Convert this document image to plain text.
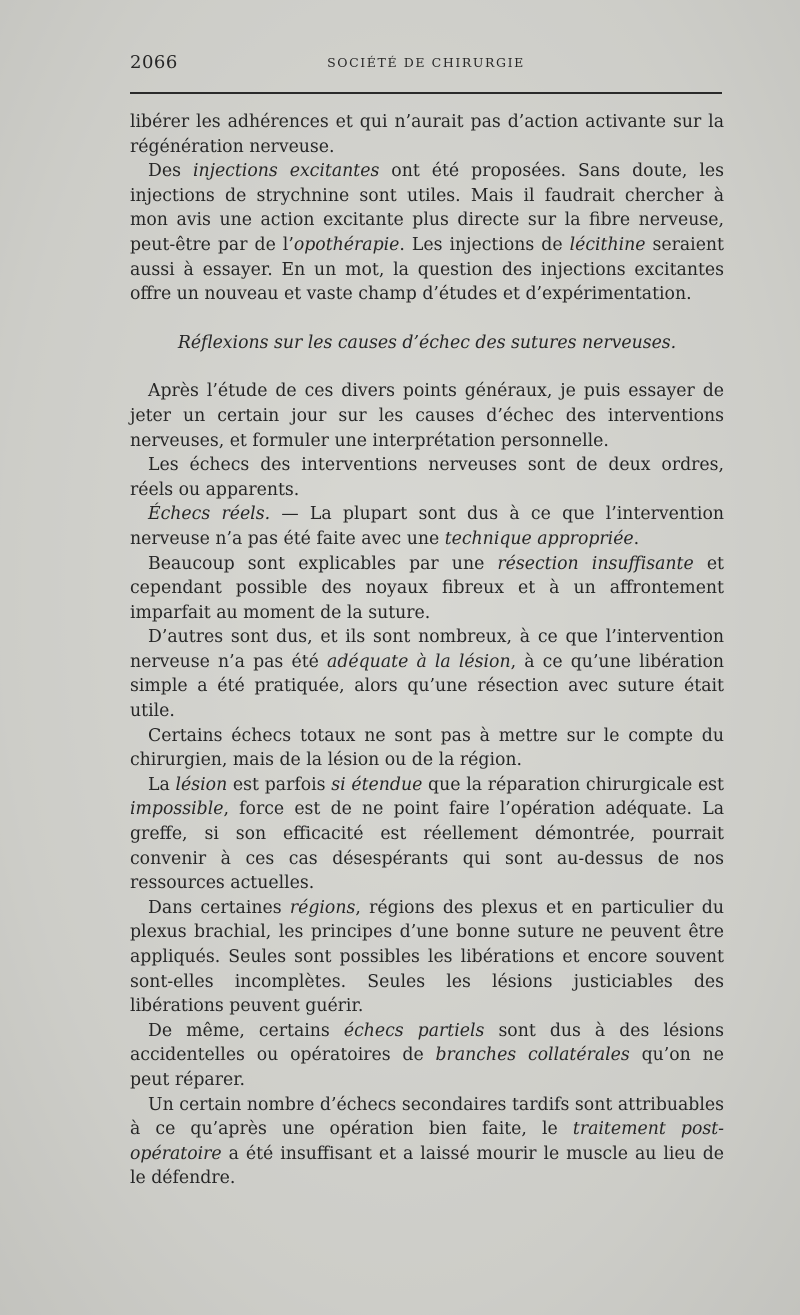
2066	SOCIÉTÉ DE CHIRURGIE

libérer les adhérences et qui n’aurait pas d’action activante sur la régénération nerveuse.

Des injections excitantes ont été proposées. Sans doute, les injections de strychnine sont utiles. Mais il faudrait chercher à mon avis une action excitante plus directe sur la fibre nerveuse, peut-être par de l’opothérapie. Les injections de lécithine seraient aussi à essayer. En un mot, la question des injections excitantes offre un nouveau et vaste champ d’études et d’expérimentation.

Réflexions sur les causes d’échec des sutures nerveuses.

Après l’étude de ces divers points généraux, je puis essayer de jeter un certain jour sur les causes d’échec des interventions nerveuses, et formuler une interprétation personnelle.

Les échecs des interventions nerveuses sont de deux ordres, réels ou apparents.

Échecs réels. — La plupart sont dus à ce que l’intervention nerveuse n’a pas été faite avec une technique appropriée.

Beaucoup sont explicables par une résection insuffisante et cependant possible des noyaux fibreux et à un affrontement imparfait au moment de la suture.

D’autres sont dus, et ils sont nombreux, à ce que l’intervention nerveuse n’a pas été adéquate à la lésion, à ce qu’une libération simple a été pratiquée, alors qu’une résection avec suture était utile.

Certains échecs totaux ne sont pas à mettre sur le compte du chirurgien, mais de la lésion ou de la région.

La lésion est parfois si étendue que la réparation chirurgicale est impossible, force est de ne point faire l’opération adéquate. La greffe, si son efficacité est réellement démontrée, pourrait convenir à ces cas désespérants qui sont au-dessus de nos ressources actuelles.

Dans certaines régions, régions des plexus et en particulier du plexus brachial, les principes d’une bonne suture ne peuvent être appliqués. Seules sont possibles les libérations et encore souvent sont-elles incomplètes. Seules les lésions justiciables des libérations peuvent guérir.

De même, certains échecs partiels sont dus à des lésions accidentelles ou opératoires de branches collatérales qu’on ne peut réparer.

Un certain nombre d’échecs secondaires tardifs sont attribuables à ce qu’après une opération bien faite, le traitement post-opératoire a été insuffisant et a laissé mourir le muscle au lieu de le défendre.
